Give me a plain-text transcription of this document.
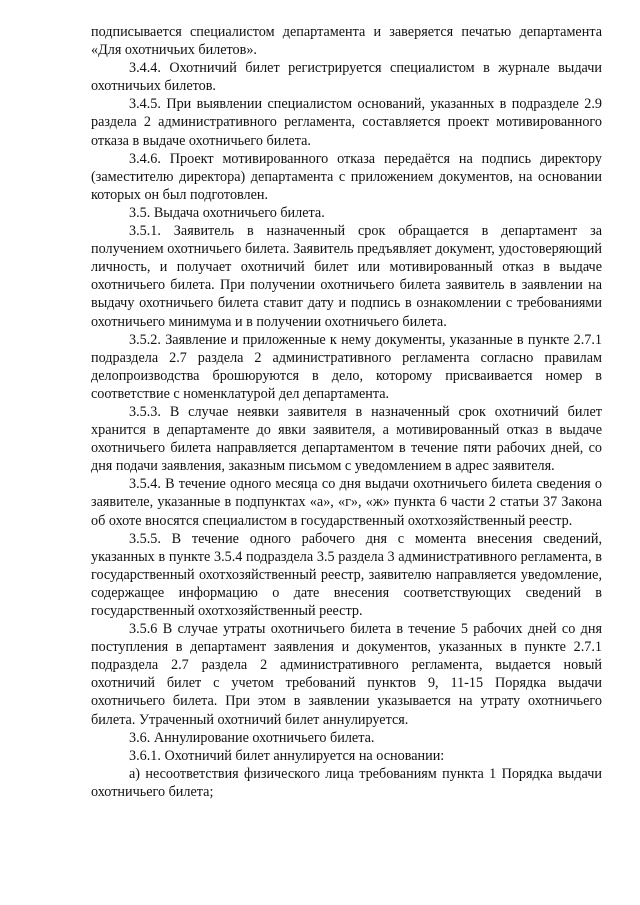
подписывается специалистом департамента и заверяется печатью департамента «Для охотничьих билетов».

3.4.4. Охотничий билет регистрируется специалистом в журнале выдачи охотничьих билетов.

3.4.5. При выявлении специалистом оснований, указанных в подразделе 2.9 раздела 2 административного регламента, составляется проект мотивированного отказа в выдаче охотничьего билета.

3.4.6. Проект мотивированного отказа передаётся на подпись директору (заместителю директора) департамента с приложением документов, на основании которых он был подготовлен.

3.5. Выдача охотничьего билета.

3.5.1. Заявитель в назначенный срок обращается в департамент за получением охотничьего билета. Заявитель предъявляет документ, удостоверяющий личность, и получает охотничий билет или мотивированный отказ в выдаче охотничьего билета. При получении охотничьего билета заявитель в заявлении на выдачу охотничьего билета ставит дату и подпись в ознакомлении с требованиями охотничьего минимума и в получении охотничьего билета.

3.5.2. Заявление и приложенные к нему документы, указанные в пункте 2.7.1 подраздела 2.7 раздела 2 административного регламента согласно правилам делопроизводства брошюруются в дело, которому присваивается номер в соответствие с номенклатурой дел департамента.

3.5.3. В случае неявки заявителя в назначенный срок охотничий билет хранится в департаменте до явки заявителя, а мотивированный отказ в выдаче охотничьего билета направляется департаментом в течение пяти рабочих дней, со дня подачи заявления, заказным письмом с уведомлением в адрес заявителя.

3.5.4. В течение одного месяца со дня выдачи охотничьего билета сведения о заявителе, указанные в подпунктах «а», «г», «ж» пункта 6 части 2 статьи 37 Закона об охоте вносятся специалистом в государственный охотхозяйственный реестр.

3.5.5. В течение одного рабочего дня с момента внесения сведений, указанных в пункте 3.5.4 подраздела 3.5 раздела 3 административного регламента, в государственный охотхозяйственный реестр, заявителю направляется уведомление, содержащее информацию о дате внесения соответствующих сведений в государственный охотхозяйственный реестр.

3.5.6 В случае утраты охотничьего билета в течение 5 рабочих дней со дня поступления в департамент заявления и документов, указанных в пункте 2.7.1 подраздела 2.7 раздела 2 административного регламента, выдается новый охотничий билет с учетом требований пунктов 9, 11-15 Порядка выдачи охотничьего билета. При этом в заявлении указывается на утрату охотничьего билета. Утраченный охотничий билет аннулируется.

3.6. Аннулирование охотничьего билета.

3.6.1. Охотничий билет аннулируется на основании:

а) несоответствия физического лица требованиям пункта 1 Порядка выдачи охотничьего билета;
